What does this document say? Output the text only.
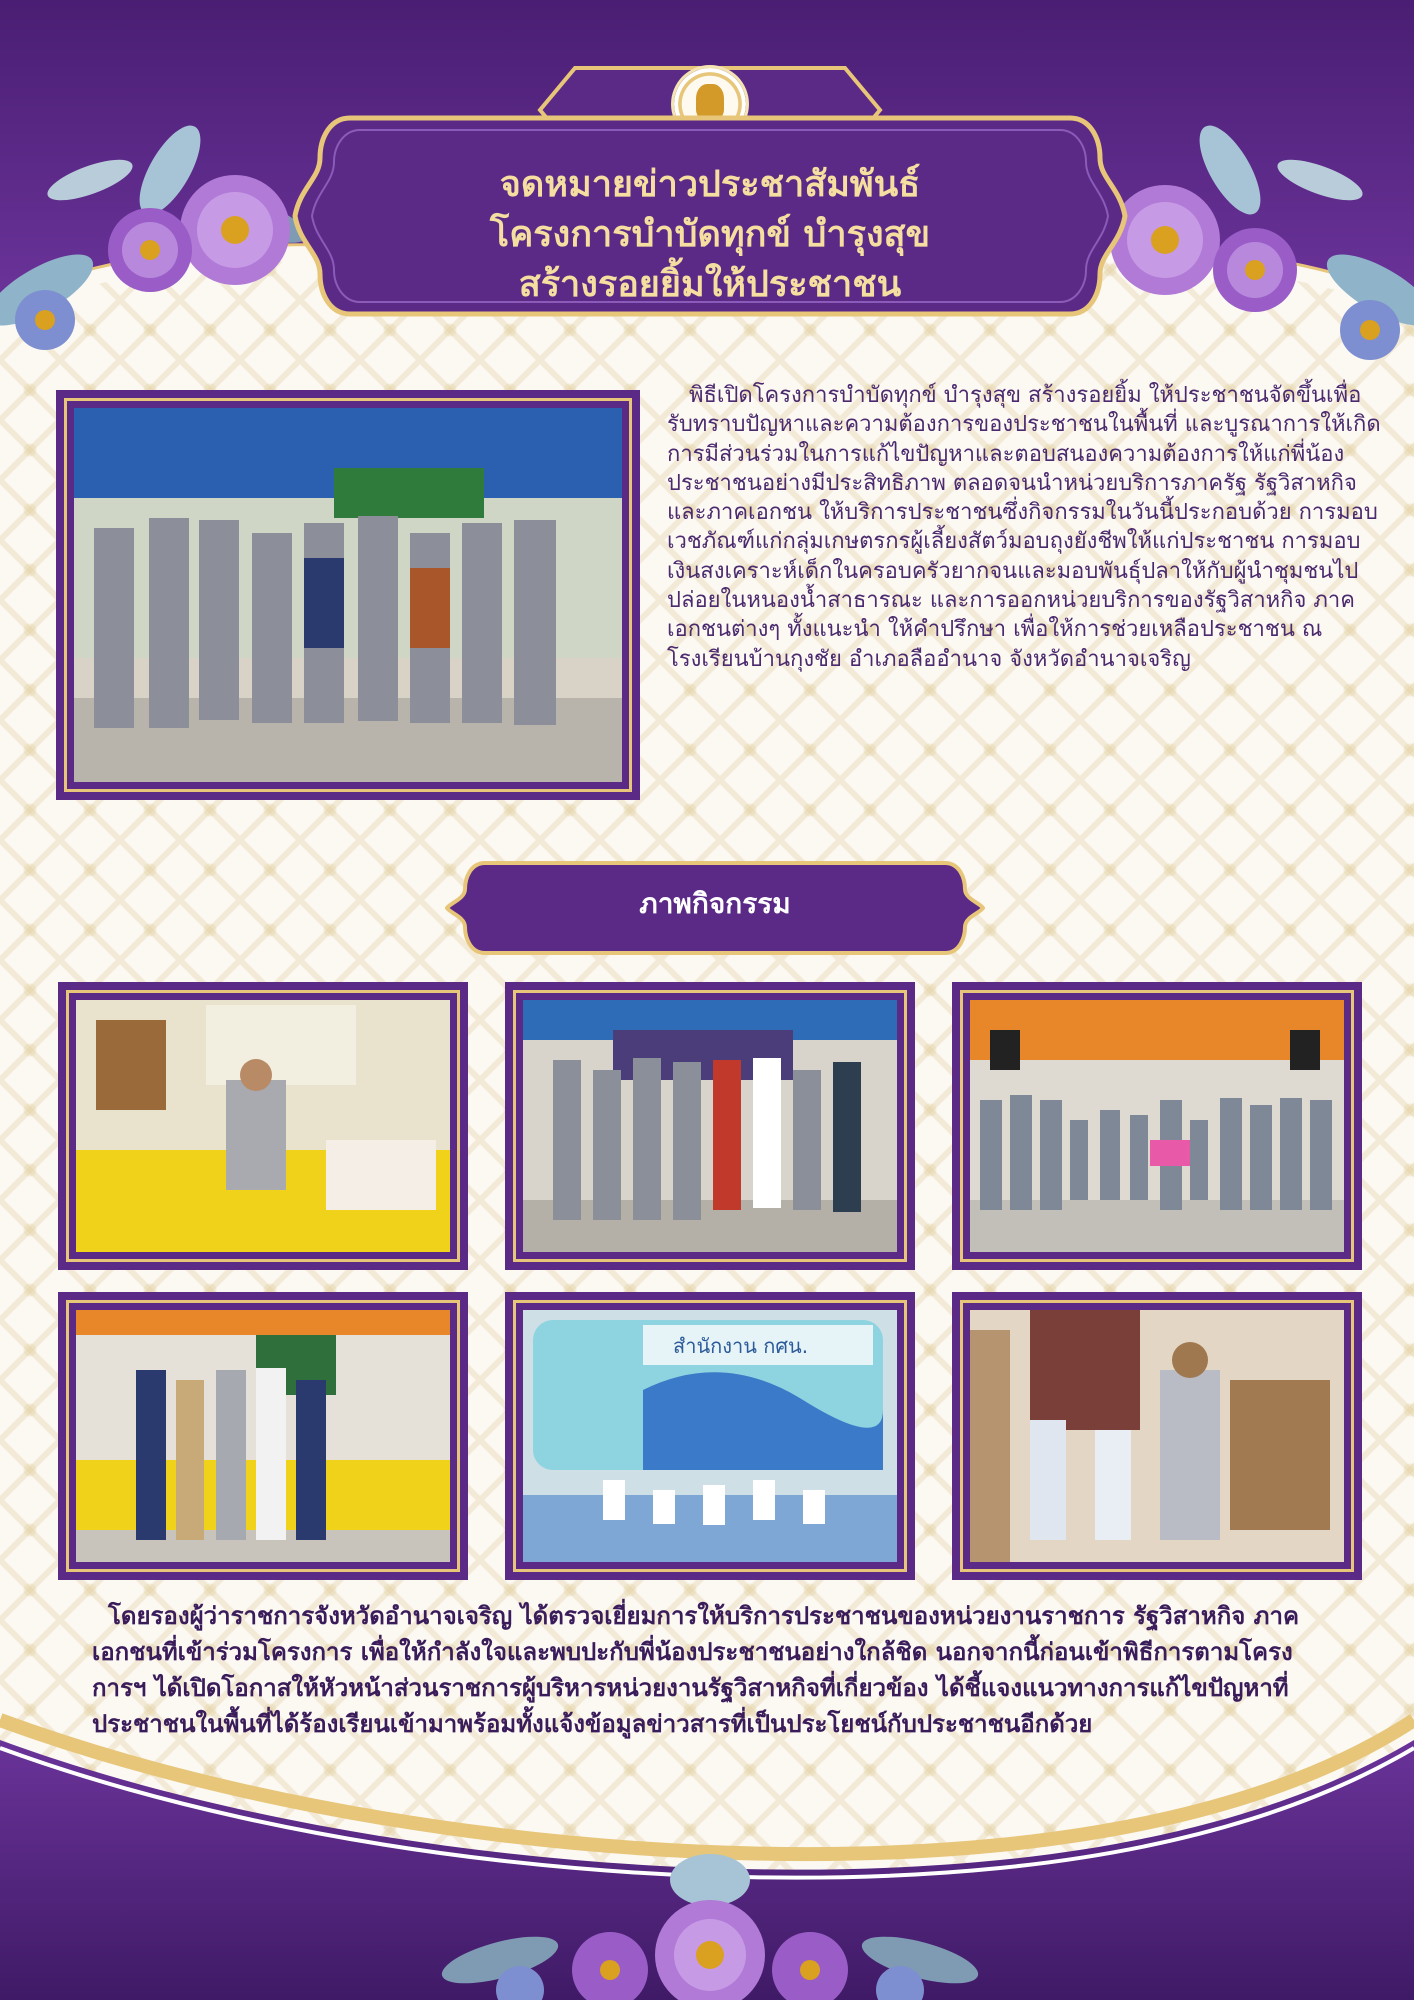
จดหมายข่าวประชาสัมพันธ์
โครงการบำบัดทุกข์ บำรุงสุข
สร้างรอยยิ้มให้ประชาชน

พิธีเปิดโครงการบำบัดทุกข์ บำรุงสุข สร้างรอยยิ้ม ให้ประชาชนจัดขึ้นเพื่อรับทราบปัญหาและความต้องการของประชาชนในพื้นที่ และบูรณาการให้เกิดการมีส่วนร่วมในการแก้ไขปัญหาและตอบสนองความต้องการให้แก่พี่น้องประชาชนอย่างมีประสิทธิภาพ ตลอดจนนำหน่วยบริการภาครัฐ รัฐวิสาหกิจและภาคเอกชน ให้บริการประชาชนซึ่งกิจกรรมในวันนี้ประกอบด้วย การมอบเวชภัณฑ์แก่กลุ่มเกษตรกรผู้เลี้ยงสัตว์มอบถุงยังชีพให้แก่ประชาชน การมอบเงินสงเคราะห์เด็กในครอบครัวยากจนและมอบพันธุ์ปลาให้กับผู้นำชุมชนไปปล่อยในหนองน้ำสาธารณะ และการออกหน่วยบริการของรัฐวิสาหกิจ ภาคเอกชนต่างๆ ทั้งแนะนำ ให้คำปรึกษา เพื่อให้การช่วยเหลือประชาชน ณ โรงเรียนบ้านกุงชัย อำเภอลืออำนาจ จังหวัดอำนาจเจริญ

ภาพกิจกรรม
สำนักงาน กศน.

โดยรองผู้ว่าราชการจังหวัดอำนาจเจริญ ได้ตรวจเยี่ยมการให้บริการประชาชนของหน่วยงานราชการ รัฐวิสาหกิจ ภาคเอกชนที่เข้าร่วมโครงการ เพื่อให้กำลังใจและพบปะกับพี่น้องประชาชนอย่างใกล้ชิด นอกจากนี้ก่อนเข้าพิธีการตามโครงการฯ ได้เปิดโอกาสให้หัวหน้าส่วนราชการผู้บริหารหน่วยงานรัฐวิสาหกิจที่เกี่ยวข้อง ได้ชี้แจงแนวทางการแก้ไขปัญหาที่ประชาชนในพื้นที่ได้ร้องเรียนเข้ามาพร้อมทั้งแจ้งข้อมูลข่าวสารที่เป็นประโยชน์กับประชาชนอีกด้วย
